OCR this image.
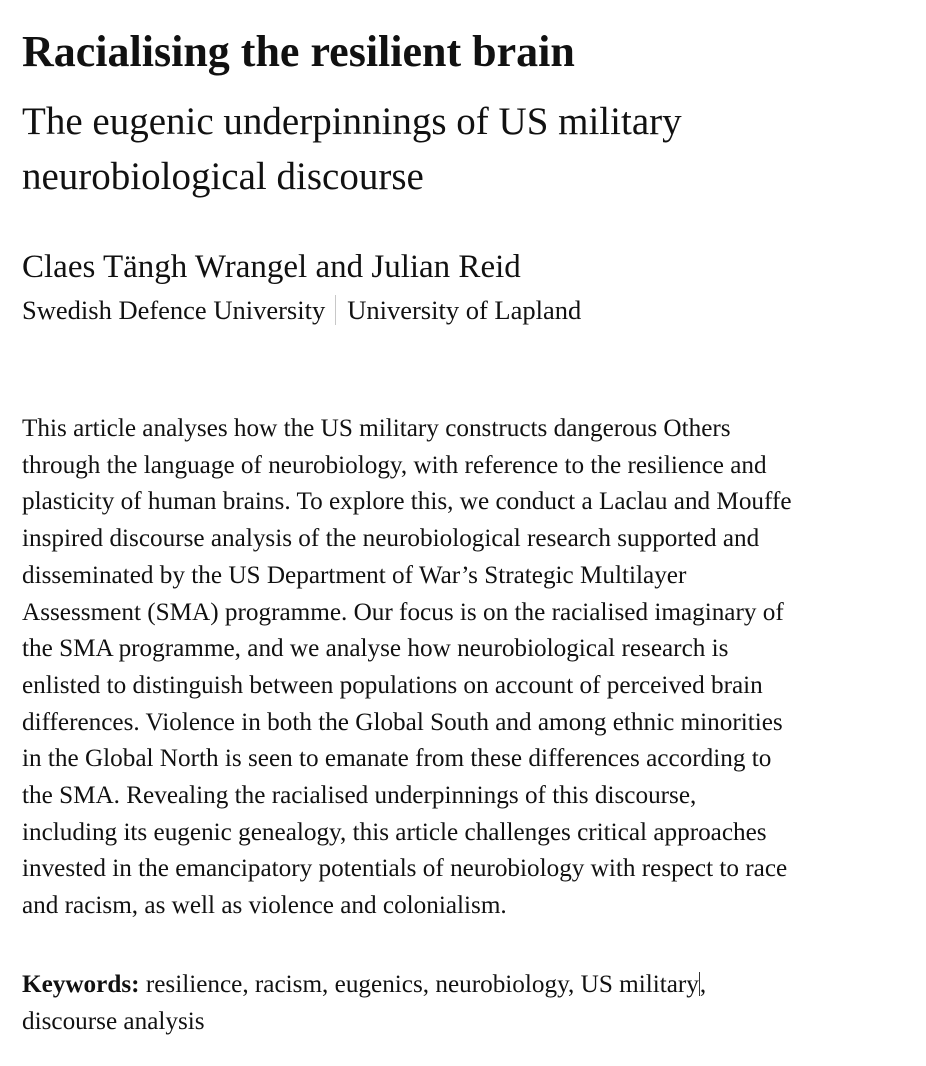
Racialising the resilient brain
The eugenic underpinnings of US military neurobiological discourse
Claes Tängh Wrangel and Julian Reid
Swedish Defence University University of Lapland
This article analyses how the US military constructs dangerous Others
through the language of neurobiology, with reference to the resilience and
plasticity of human brains. To explore this, we conduct a Laclau and Mouffe
inspired discourse analysis of the neurobiological research supported and
disseminated by the US Department of War’s Strategic Multilayer
Assessment (SMA) programme. Our focus is on the racialised imaginary of
the SMA programme, and we analyse how neurobiological research is
enlisted to distinguish between populations on account of perceived brain
differences. Violence in both the Global South and among ethnic minorities
in the Global North is seen to emanate from these differences according to
the SMA. Revealing the racialised underpinnings of this discourse,
including its eugenic genealogy, this article challenges critical approaches
invested in the emancipatory potentials of neurobiology with respect to race
and racism, as well as violence and colonialism.
Keywords: resilience, racism, eugenics, neurobiology, US military,
discourse analysis
